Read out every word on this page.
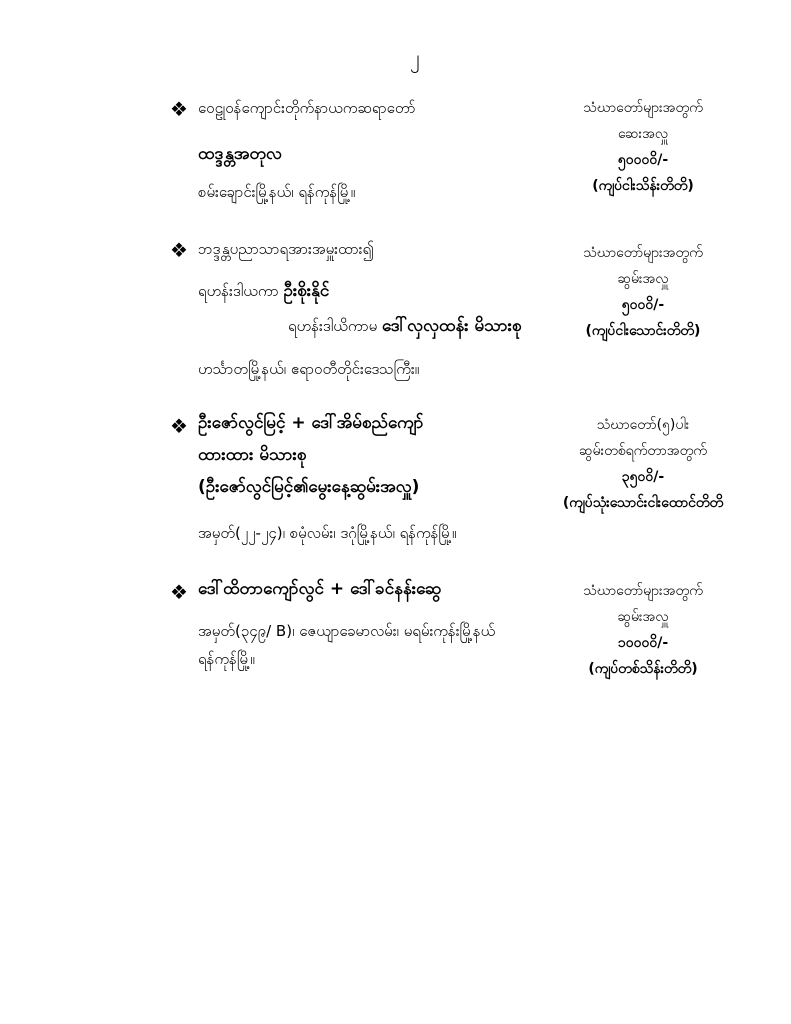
၂
❖ ဝေဠုဝန်ကျောင်းတိုက်နာယကဆရာတော်
ထဒ္ဒန္တအတုလ
စမ်းချောင်းမြို့နယ်၊ ရန်ကုန်မြို့။
သံဃာတော်များအတွက်
ဆေးအလှူ
၅၀၀၀၀ိ/-
(ကျပ်ငါးသိန်းတိတိ)
❖ ဘဒ္ဒန္တပညာသာရအားအမှူးထား၍
ရဟန်းဒါယကာ ဦးစိုးနိုင်
ရဟန်းဒါယိကာမ ဒေါ်လှလှထန်း မိသားစု
ဟင်္သာတမြို့နယ်၊ ဧရာဝတီတိုင်းဒေသကြီး။
သံဃာတော်များအတွက်
ဆွမ်းအလှူ
၅၀၀၀ိ/-
(ကျပ်ငါးသောင်းတိတိ)
❖ ဦးဇော်လွင်မြင့် + ဒေါ်အိမ်စည်ကျော်
ထားထား မိသားစု
(ဦးဇော်လွင်မြင့်၏မွေးနေ့ဆွမ်းအလှူ)
အမှတ်(၂၂-၂၄)၊ စမုံလမ်း၊ ဒဂုံမြို့နယ်၊ ရန်ကုန်မြို့။
သံဃာတော်(၅)ပါး
ဆွမ်းတစ်ရက်တာအတွက်
၃၅၀၀ိ/-
(ကျပ်သုံးသောင်းငါးထောင်တိတိ
❖ ဒေါ်ထိတာကျော်လွင် + ဒေါ်ခင်နန်းဆွေ
အမှတ်(၃၄၉/ B)၊ ဇေယျာခေမာလမ်း၊ မရမ်းကုန်းမြို့နယ်
ရန်ကုန်မြို့။
သံဃာတော်များအတွက်
ဆွမ်းအလှူ
၁၀၀၀၀ိ/-
(ကျပ်တစ်သိန်းတိတိ)
